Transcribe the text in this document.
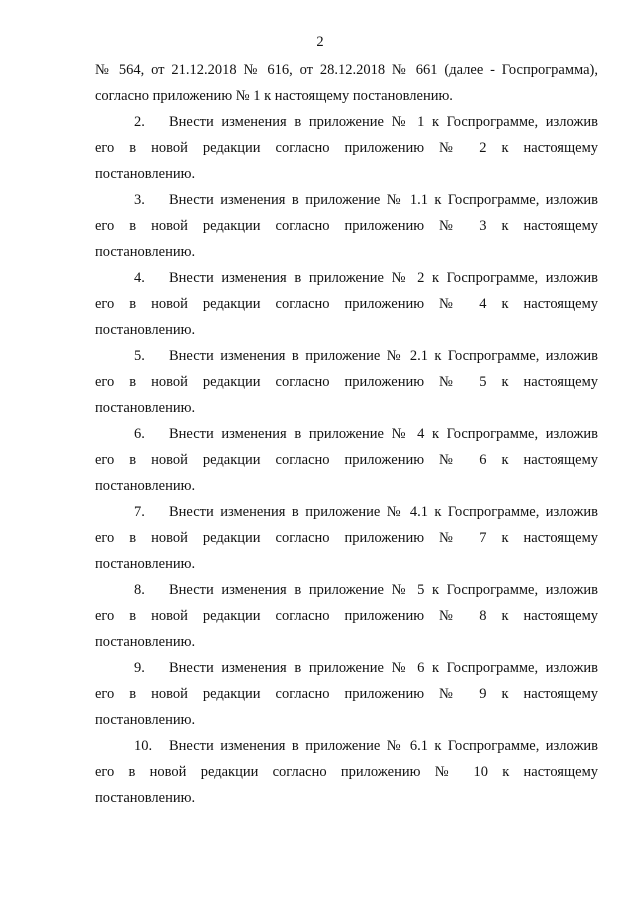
2
№ 564, от 21.12.2018 № 616, от 28.12.2018 № 661 (далее - Госпрограмма),
согласно приложению № 1 к настоящему постановлению.
2. Внести изменения в приложение № 1 к Госпрограмме, изложив
его в новой редакции согласно приложению № 2 к настоящему
постановлению.
3. Внести изменения в приложение № 1.1 к Госпрограмме, изложив
его в новой редакции согласно приложению № 3 к настоящему
постановлению.
4. Внести изменения в приложение № 2 к Госпрограмме, изложив
его в новой редакции согласно приложению № 4 к настоящему
постановлению.
5. Внести изменения в приложение № 2.1 к Госпрограмме, изложив
его в новой редакции согласно приложению № 5 к настоящему
постановлению.
6. Внести изменения в приложение № 4 к Госпрограмме, изложив
его в новой редакции согласно приложению № 6 к настоящему
постановлению.
7. Внести изменения в приложение № 4.1 к Госпрограмме, изложив
его в новой редакции согласно приложению № 7 к настоящему
постановлению.
8. Внести изменения в приложение № 5 к Госпрограмме, изложив
его в новой редакции согласно приложению № 8 к настоящему
постановлению.
9. Внести изменения в приложение № 6 к Госпрограмме, изложив
его в новой редакции согласно приложению № 9 к настоящему
постановлению.
10. Внести изменения в приложение № 6.1 к Госпрограмме, изложив
его в новой редакции согласно приложению № 10 к настоящему
постановлению.
